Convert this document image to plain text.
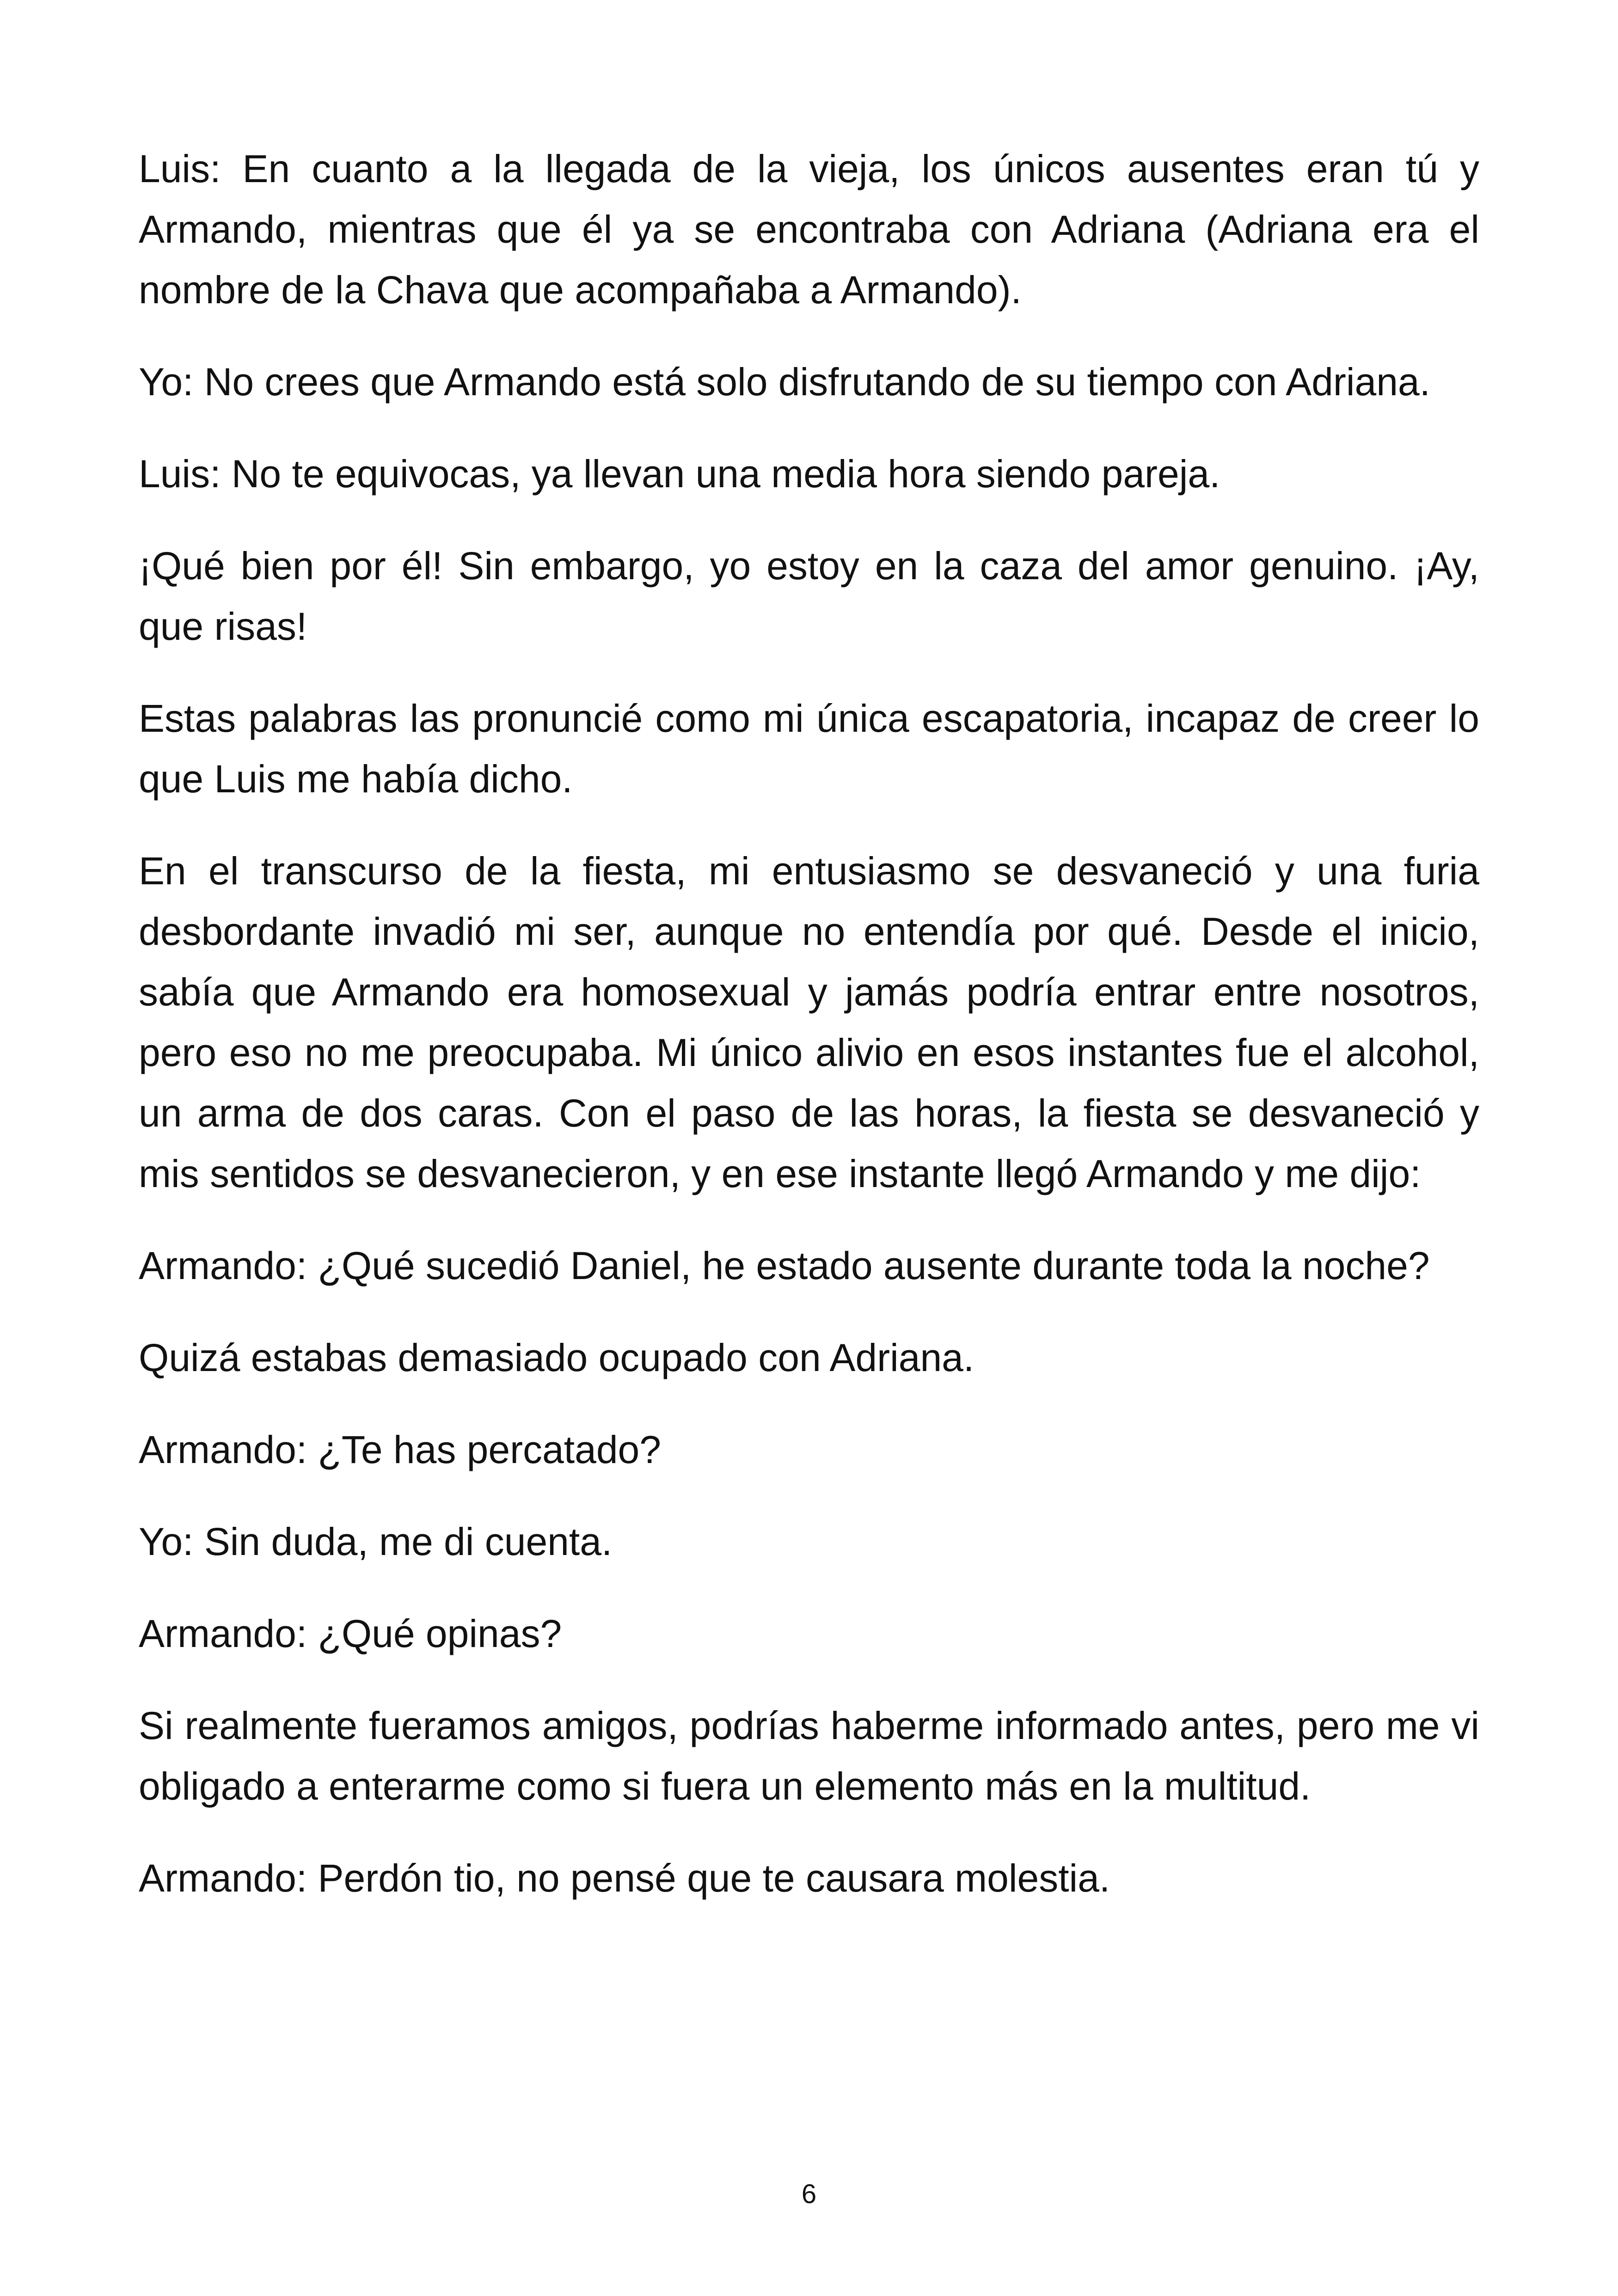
Luis: En cuanto a la llegada de la vieja, los únicos ausentes eran tú y Armando, mientras que él ya se encontraba con Adriana (Adriana era el nombre de la Chava que acompañaba a Armando).

Yo: No crees que Armando está solo disfrutando de su tiempo con Adriana.

Luis: No te equivocas, ya llevan una media hora siendo pareja.

¡Qué bien por él! Sin embargo, yo estoy en la caza del amor genuino. ¡Ay, que risas!

Estas palabras las pronuncié como mi única escapatoria, incapaz de creer lo que Luis me había dicho.

En el transcurso de la fiesta, mi entusiasmo se desvaneció y una furia desbordante invadió mi ser, aunque no entendía por qué. Desde el inicio, sabía que Armando era homosexual y jamás podría entrar entre nosotros, pero eso no me preocupaba. Mi único alivio en esos instantes fue el alcohol, un arma de dos caras. Con el paso de las horas, la fiesta se desvaneció y mis sentidos se desvanecieron, y en ese instante llegó Armando y me dijo:

Armando: ¿Qué sucedió Daniel, he estado ausente durante toda la noche?

Quizá estabas demasiado ocupado con Adriana.

Armando: ¿Te has percatado?

Yo: Sin duda, me di cuenta.

Armando: ¿Qué opinas?

Si realmente fueramos amigos, podrías haberme informado antes, pero me vi obligado a enterarme como si fuera un elemento más en la multitud.

Armando: Perdón tio, no pensé que te causara molestia.

6
